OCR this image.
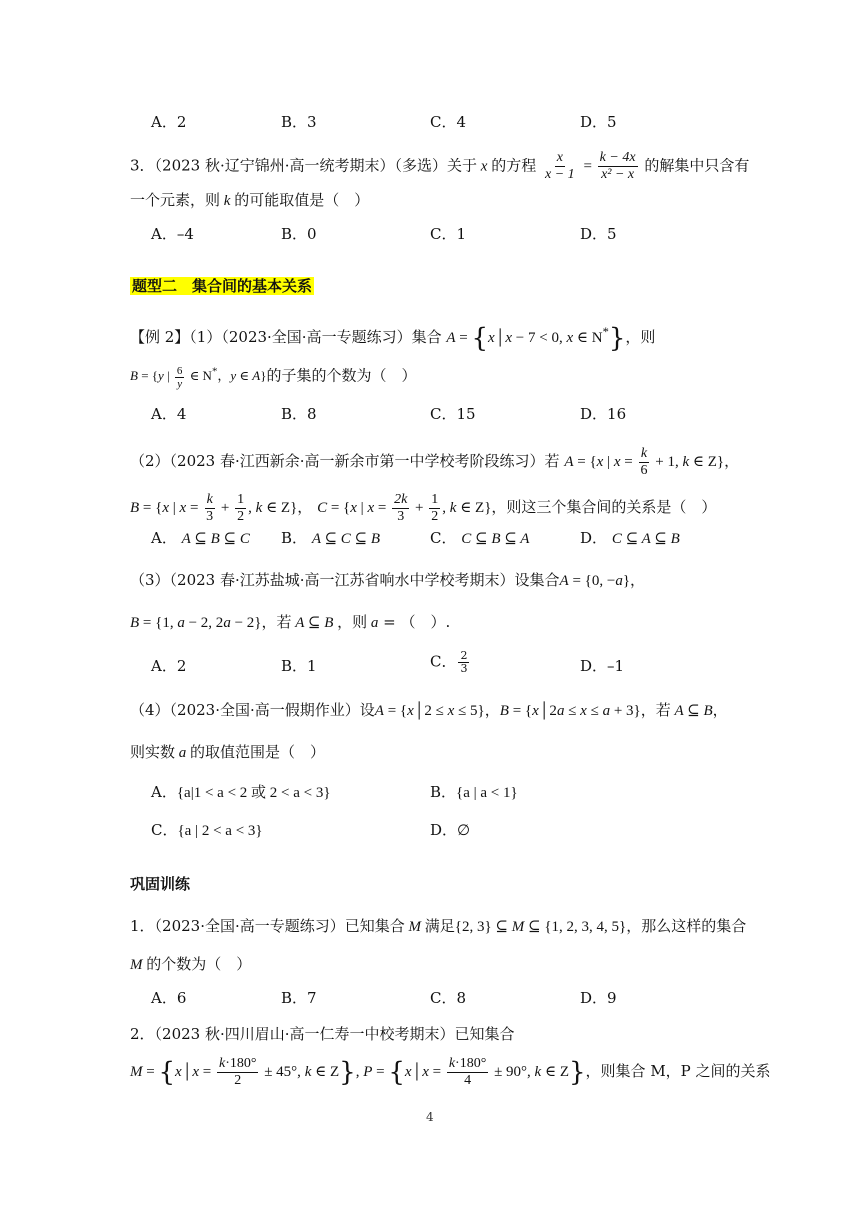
A．2	B．3	C．4	D．5
3．（2023 秋·辽宁锦州·高一统考期末）（多选）关于 x 的方程 $\frac{x}{x - 1} = \frac{k - 4x}{\text{x² − x}}$ 的解集中只含有
一个元素，则 k 的可能取值是（　）
A．–4	B．0	C．1	D．5
题型二　集合间的基本关系
【例 2】（1）（2023·全国·高一专题练习）集合 A = {x│x − 7 < 0, x ∈ N*}，则
B = {y | $\frac{6}{y}$ ∈ N*，y ∈ A}的子集的个数为（　）
A．4	B．8	C．15	D．16
（2）（2023 春·江西新余·高一新余市第一中学校考阶段练习）若 A = {x | $x = \frac{k}{6} + 1$, k ∈ Z}，
B = {x | $x = \frac{k}{3} + \frac{1}{2}$ , k ∈ Z}， C = {x | $x = \frac{2k}{3} + \frac{1}{2}$ , k ∈ Z}，则这三个集合间的关系是（　）
A． A ⊆ B ⊆ C B． A ⊆ C ⊆ B	C． C ⊆ B ⊆ A	D． C ⊆ A ⊆ B
（3）（2023 春·江苏盐城·高一江苏省响水中学校考期末）设集合A = {0, −a}，
B = {1, a − 2, 2a − 2}，若 A ⊆ B ，则 a = （　）.
A．2	B．1	C． $\frac{2}{3}$	D．–1
（4）（2023·全国·高一假期作业）设A = {x│2 ≤ x ≤ 5}，B = {x│2a ≤ x ≤ a + 3}，若 A ⊆ B，
则实数 a 的取值范围是（　）
A．{a|1 < a < 2 或 2 < a < 3}	B．{a | a < 1}
C．{a | 2 < a < 3}	D．∅
巩固训练
1．（2023·全国·高一专题练习）已知集合 M 满足{2, 3} ⊆ M ⊆ {1, 2, 3, 4, 5}，那么这样的集合
M 的个数为（　）
A．6	B．7	C．8	D．9
2．（2023 秋·四川眉山·高一仁寿一中校考期末）已知集合
M = {x│x = $\frac{k\cdot 180^\circ}{2} \pm 45^\circ$, k ∈ Z}, P = {x│x = $\frac{k\cdot 180^\circ}{4} \pm 90^\circ$, k ∈ Z}，则集合 M，P 之间的关系
4
